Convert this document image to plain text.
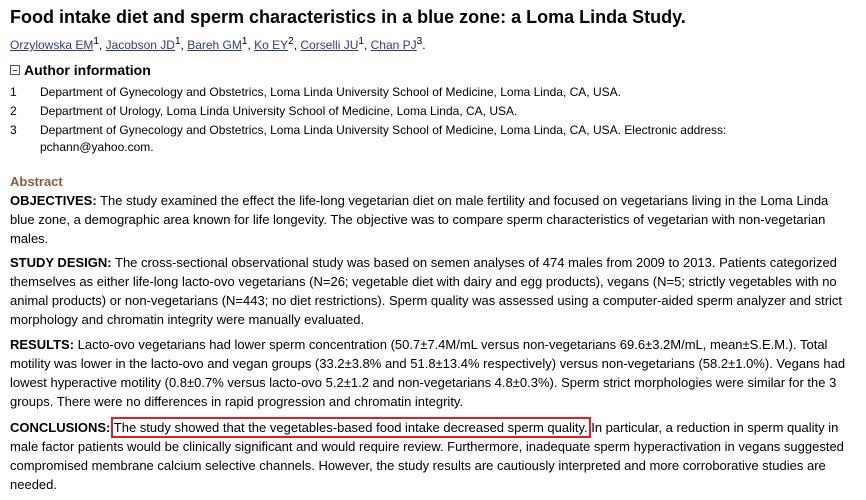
Food intake diet and sperm characteristics in a blue zone: a Loma Linda Study.
Orzylowska $EM^1$, Jacobson $JD^1$, Bareh $GM^1$, Ko $EY^2$, Corselli $JU^1$, Chan $PJ^3$.
Author information
1	Department of Gynecology and Obstetrics, Loma Linda University School of Medicine, Loma Linda, CA, USA.
2	Department of Urology, Loma Linda University School of Medicine, Loma Linda, CA, USA.
3	Department of Gynecology and Obstetrics, Loma Linda University School of Medicine, Loma Linda, CA, USA. Electronic address: pchann@yahoo.com.
Abstract

OBJECTIVES: The study examined the effect the life-long vegetarian diet on male fertility and focused on vegetarians living in the Loma Linda blue zone, a demographic area known for life longevity. The objective was to compare sperm characteristics of vegetarian with non-vegetarian males.

STUDY DESIGN: The cross-sectional observational study was based on semen analyses of 474 males from 2009 to 2013. Patients categorized themselves as either life-long lacto-ovo vegetarians (N=26; vegetable diet with dairy and egg products), vegans (N=5; strictly vegetables with no animal products) or non-vegetarians (N=443; no diet restrictions). Sperm quality was assessed using a computer-aided sperm analyzer and strict morphology and chromatin integrity were manually evaluated.

RESULTS: Lacto-ovo vegetarians had lower sperm concentration (50.7±7.4M/mL versus non-vegetarians 69.6±3.2M/mL, mean±S.E.M.). Total motility was lower in the lacto-ovo and vegan groups (33.2±3.8% and 51.8±13.4% respectively) versus non-vegetarians (58.2±1.0%). Vegans had lowest hyperactive motility (0.8±0.7% versus lacto-ovo 5.2±1.2 and non-vegetarians 4.8±0.3%). Sperm strict morphologies were similar for the 3 groups. There were no differences in rapid progression and chromatin integrity.

CONCLUSIONS: The study showed that the vegetables-based food intake decreased sperm quality. In particular, a reduction in sperm quality in male factor patients would be clinically significant and would require review. Furthermore, inadequate sperm hyperactivation in vegans suggested compromised membrane calcium selective channels. However, the study results are cautiously interpreted and more corroborative studies are needed.
